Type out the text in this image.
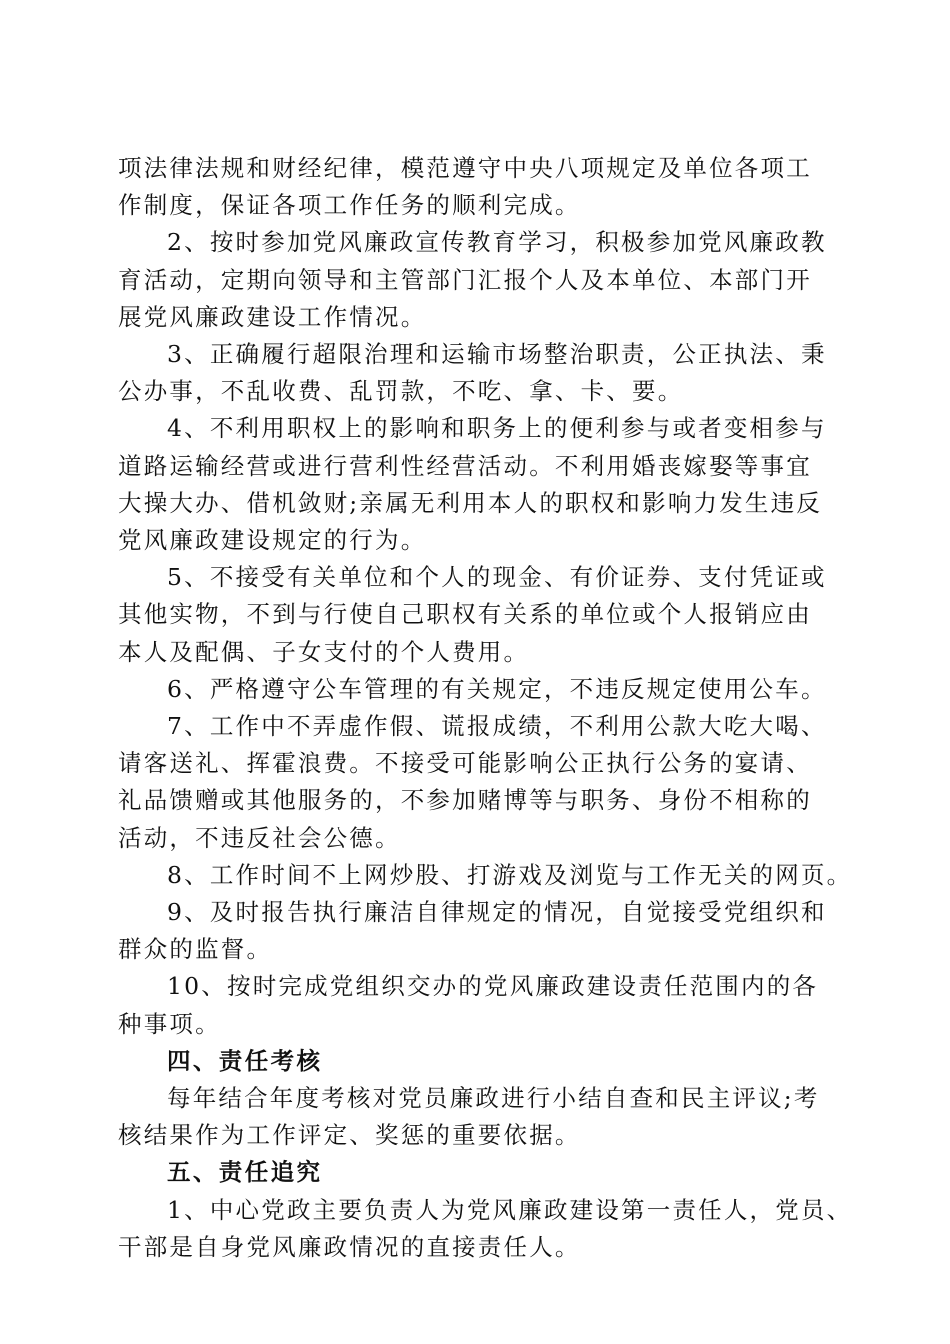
项法律法规和财经纪律，模范遵守中央八项规定及单位各项工
作制度，保证各项工作任务的顺利完成。

2、按时参加党风廉政宣传教育学习，积极参加党风廉政教
育活动，定期向领导和主管部门汇报个人及本单位、本部门开
展党风廉政建设工作情况。

3、正确履行超限治理和运输市场整治职责，公正执法、秉
公办事，不乱收费、乱罚款，不吃、拿、卡、要。

4、不利用职权上的影响和职务上的便利参与或者变相参与
道路运输经营或进行营利性经营活动。不利用婚丧嫁娶等事宜
大操大办、借机敛财;亲属无利用本人的职权和影响力发生违反
党风廉政建设规定的行为。

5、不接受有关单位和个人的现金、有价证券、支付凭证或
其他实物，不到与行使自己职权有关系的单位或个人报销应由
本人及配偶、子女支付的个人费用。

6、严格遵守公车管理的有关规定，不违反规定使用公车。

7、工作中不弄虚作假、谎报成绩，不利用公款大吃大喝、
请客送礼、挥霍浪费。不接受可能影响公正执行公务的宴请、
礼品馈赠或其他服务的，不参加赌博等与职务、身份不相称的
活动，不违反社会公德。

8、工作时间不上网炒股、打游戏及浏览与工作无关的网页。

9、及时报告执行廉洁自律规定的情况，自觉接受党组织和
群众的监督。

10、按时完成党组织交办的党风廉政建设责任范围内的各
种事项。

四、责任考核

每年结合年度考核对党员廉政进行小结自查和民主评议;考
核结果作为工作评定、奖惩的重要依据。

五、责任追究

1、中心党政主要负责人为党风廉政建设第一责任人，党员、
干部是自身党风廉政情况的直接责任人。
